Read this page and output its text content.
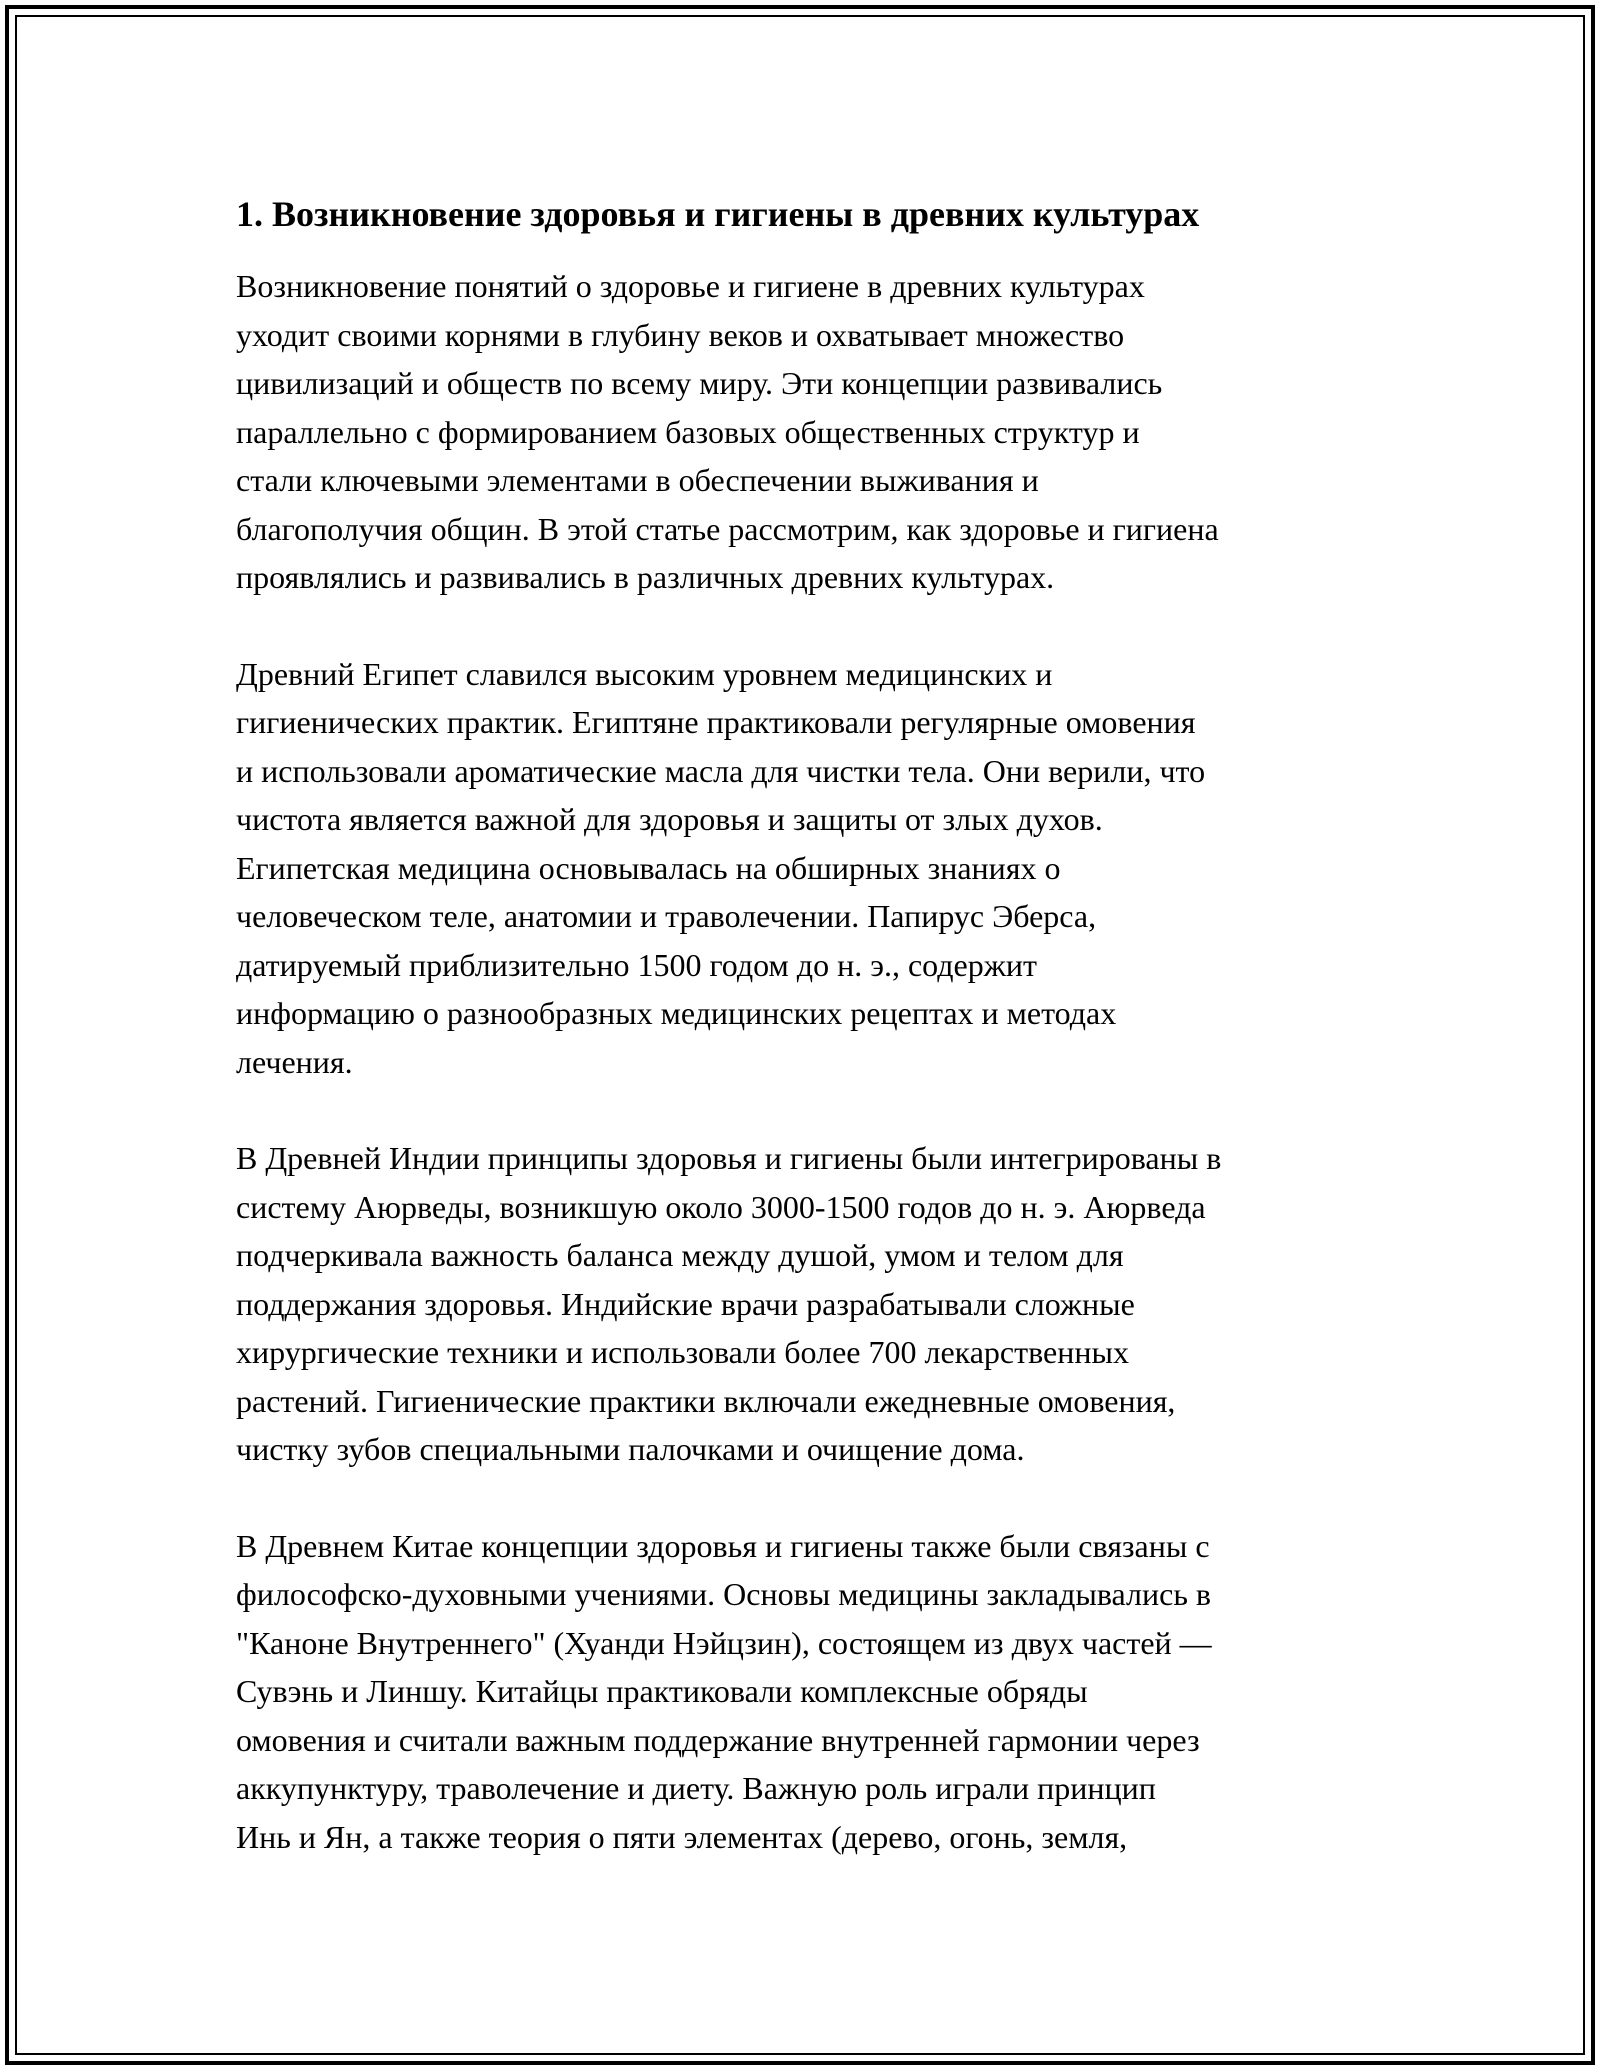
1. Возникновение здоровья и гигиены в древних культурах

Возникновение понятий о здоровье и гигиене в древних культурах
уходит своими корнями в глубину веков и охватывает множество
цивилизаций и обществ по всему миру. Эти концепции развивались
параллельно с формированием базовых общественных структур и
стали ключевыми элементами в обеспечении выживания и
благополучия общин. В этой статье рассмотрим, как здоровье и гигиена
проявлялись и развивались в различных древних культурах.

Древний Египет славился высоким уровнем медицинских и
гигиенических практик. Египтяне практиковали регулярные омовения
и использовали ароматические масла для чистки тела. Они верили, что
чистота является важной для здоровья и защиты от злых духов.
Египетская медицина основывалась на обширных знаниях о
человеческом теле, анатомии и траволечении. Папирус Эберса,
датируемый приблизительно 1500 годом до н. э., содержит
информацию о разнообразных медицинских рецептах и методах
лечения.

В Древней Индии принципы здоровья и гигиены были интегрированы в
систему Аюрведы, возникшую около 3000-1500 годов до н. э. Аюрведа
подчеркивала важность баланса между душой, умом и телом для
поддержания здоровья. Индийские врачи разрабатывали сложные
хирургические техники и использовали более 700 лекарственных
растений. Гигиенические практики включали ежедневные омовения,
чистку зубов специальными палочками и очищение дома.

В Древнем Китае концепции здоровья и гигиены также были связаны с
философско-духовными учениями. Основы медицины закладывались в
"Каноне Внутреннего" (Хуанди Нэйцзин), состоящем из двух частей —
Сувэнь и Линшу. Китайцы практиковали комплексные обряды
омовения и считали важным поддержание внутренней гармонии через
аккупунктуру, траволечение и диету. Важную роль играли принцип
Инь и Ян, а также теория о пяти элементах (дерево, огонь, земля,
